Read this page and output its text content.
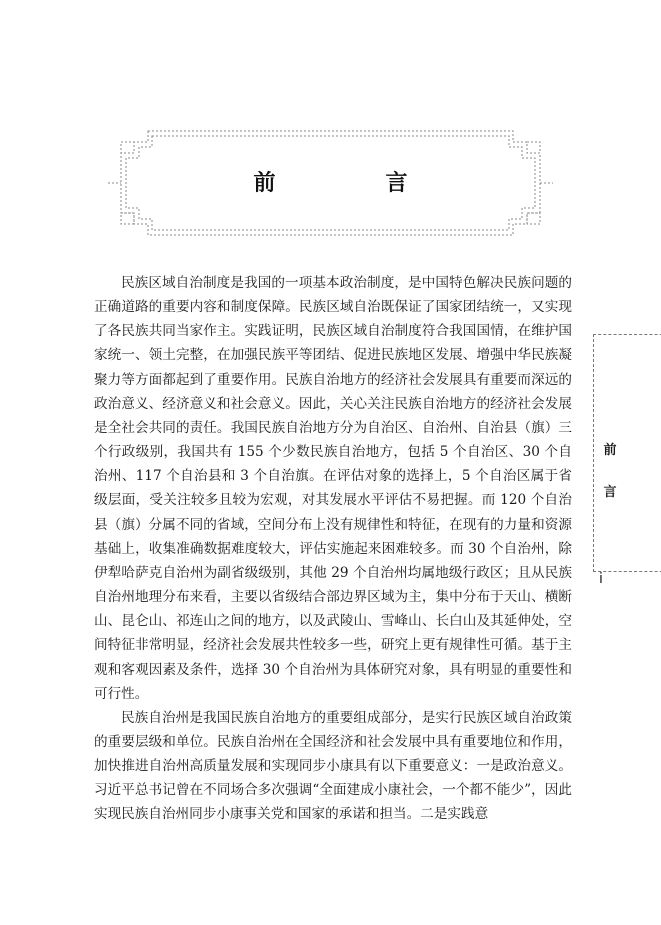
前　言

民族区域自治制度是我国的一项基本政治制度，是中国特色解决民族问题的正确道路的重要内容和制度保障。民族区域自治既保证了国家团结统一，又实现了各民族共同当家作主。实践证明，民族区域自治制度符合我国国情，在维护国家统一、领土完整，在加强民族平等团结、促进民族地区发展、增强中华民族凝聚力等方面都起到了重要作用。民族自治地方的经济社会发展具有重要而深远的政治意义、经济意义和社会意义。因此，关心关注民族自治地方的经济社会发展是全社会共同的责任。我国民族自治地方分为自治区、自治州、自治县（旗）三个行政级别，我国共有 155 个少数民族自治地方，包括 5 个自治区、30 个自治州、117 个自治县和 3 个自治旗。在评估对象的选择上，5 个自治区属于省级层面，受关注较多且较为宏观，对其发展水平评估不易把握。而 120 个自治县（旗）分属不同的省域，空间分布上没有规律性和特征，在现有的力量和资源基础上，收集准确数据难度较大，评估实施起来困难较多。而 30 个自治州，除伊犁哈萨克自治州为副省级级别，其他 29 个自治州均属地级行政区；且从民族自治州地理分布来看，主要以省级结合部边界区域为主，集中分布于天山、横断山、昆仑山、祁连山之间的地方，以及武陵山、雪峰山、长白山及其延伸处，空间特征非常明显，经济社会发展共性较多一些，研究上更有规律性可循。基于主观和客观因素及条件，选择 30 个自治州为具体研究对象，具有明显的重要性和可行性。

民族自治州是我国民族自治地方的重要组成部分，是实行民族区域自治政策的重要层级和单位。民族自治州在全国经济和社会发展中具有重要地位和作用，加快推进自治州高质量发展和实现同步小康具有以下重要意义：一是政治意义。习近平总书记曾在不同场合多次强调“全面建成小康社会，一个都不能少”，因此实现民族自治州同步小康事关党和国家的承诺和担当。二是实践意

前言
i
